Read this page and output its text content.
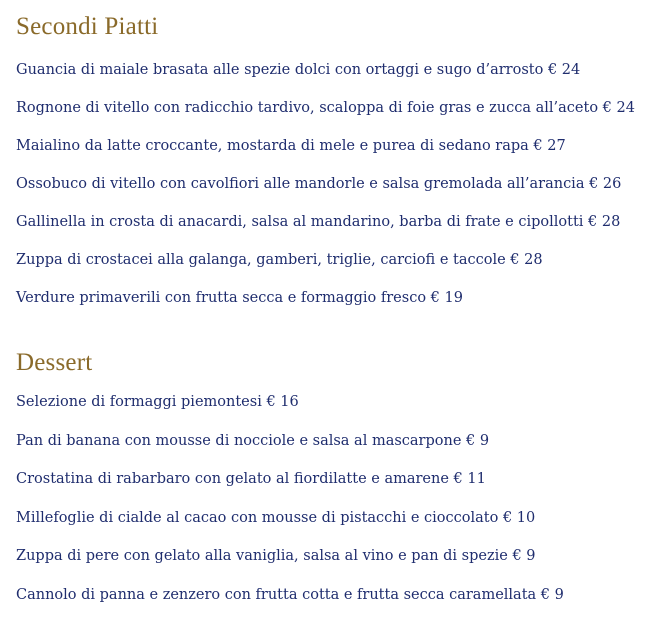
Secondi Piatti
Guancia di maiale brasata alle spezie dolci con ortaggi e sugo d’arrosto € 24
Rognone di vitello con radicchio tardivo, scaloppa di foie gras e zucca all’aceto € 24
Maialino da latte croccante, mostarda di mele e purea di sedano rapa € 27
Ossobuco di vitello con cavolfiori alle mandorle e salsa gremolada all’arancia € 26
Gallinella in crosta di anacardi, salsa al mandarino, barba di frate e cipollotti € 28
Zuppa di crostacei alla galanga, gamberi, triglie, carciofi e taccole € 28
Verdure primaverili con frutta secca e formaggio fresco € 19
Dessert
Selezione di formaggi piemontesi € 16
Pan di banana con mousse di nocciole e salsa al mascarpone € 9
Crostatina di rabarbaro con gelato al fiordilatte e amarene € 11
Millefoglie di cialde al cacao con mousse di pistacchi e cioccolato € 10
Zuppa di pere con gelato alla vaniglia, salsa al vino e pan di spezie € 9
Cannolo di panna e zenzero con frutta cotta e frutta secca caramellata € 9
